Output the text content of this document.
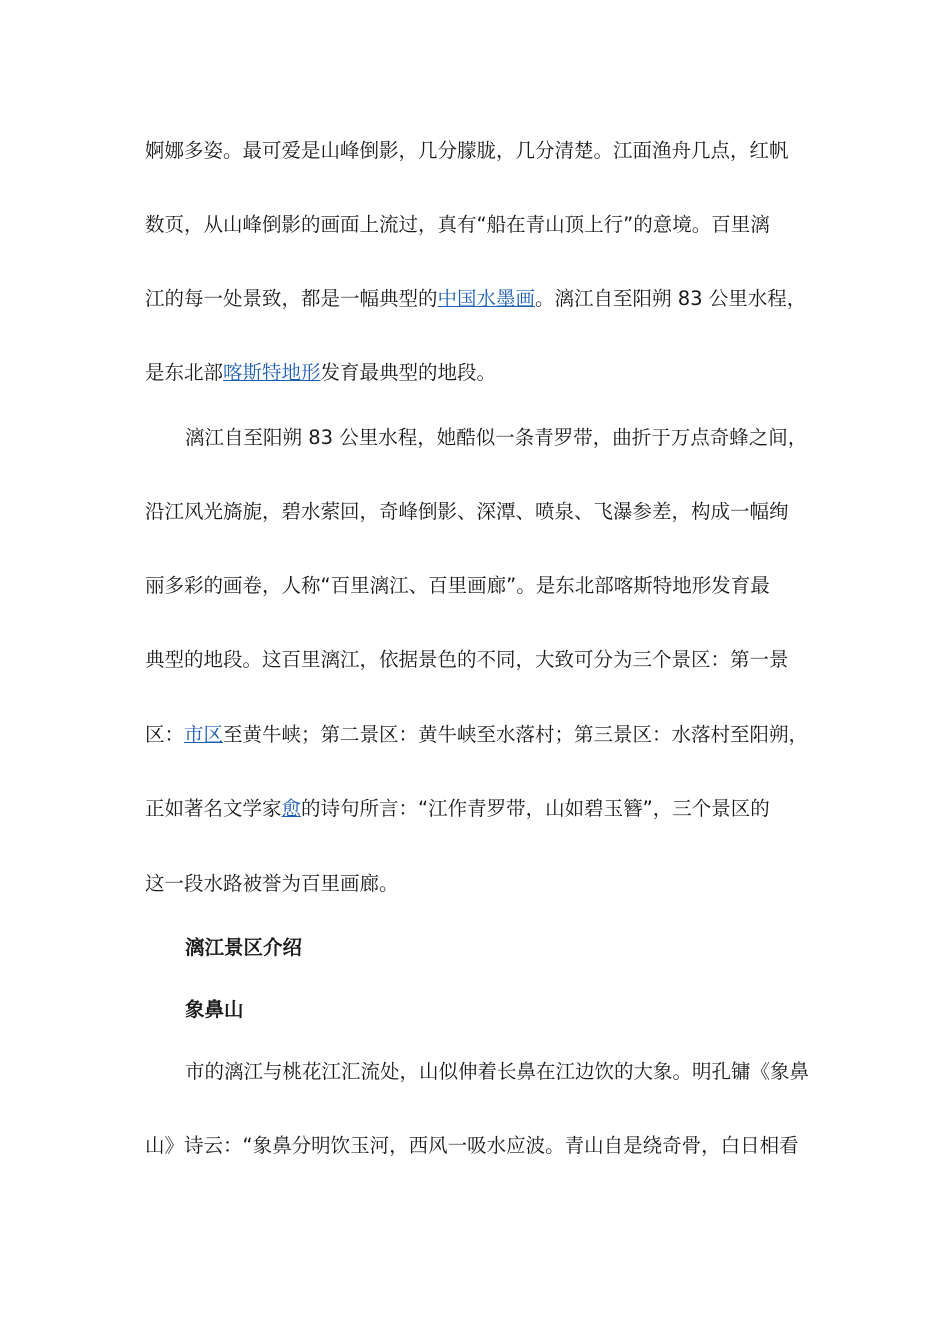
婀娜多姿。最可爱是山峰倒影，几分朦胧，几分清楚。江面渔舟几点，红帆
数页，从山峰倒影的画面上流过，真有“船在青山顶上行”的意境。百里漓
江的每一处景致，都是一幅典型的中国水墨画。漓江自至阳朔 83 公里水程，
是东北部喀斯特地形发育最典型的地段。
漓江自至阳朔 83 公里水程，她酷似一条青罗带，曲折于万点奇蜂之间，
沿江风光旖旎，碧水萦回，奇峰倒影、深潭、喷泉、飞瀑参差，构成一幅绚
丽多彩的画卷，人称“百里漓江、百里画廊”。是东北部喀斯特地形发育最
典型的地段。这百里漓江，依据景色的不同，大致可分为三个景区：第一景
区：市区至黄牛峡；第二景区：黄牛峡至水落村；第三景区：水落村至阳朔，
正如著名文学家愈的诗句所言：“江作青罗带，山如碧玉簪”，三个景区的
这一段水路被誉为百里画廊。
漓江景区介绍
象鼻山
市的漓江与桃花江汇流处，山似伸着长鼻在江边饮的大象。明孔镛《象鼻
山》诗云：“象鼻分明饮玉河，西风一吸水应波。青山自是绕奇骨，白日相看
